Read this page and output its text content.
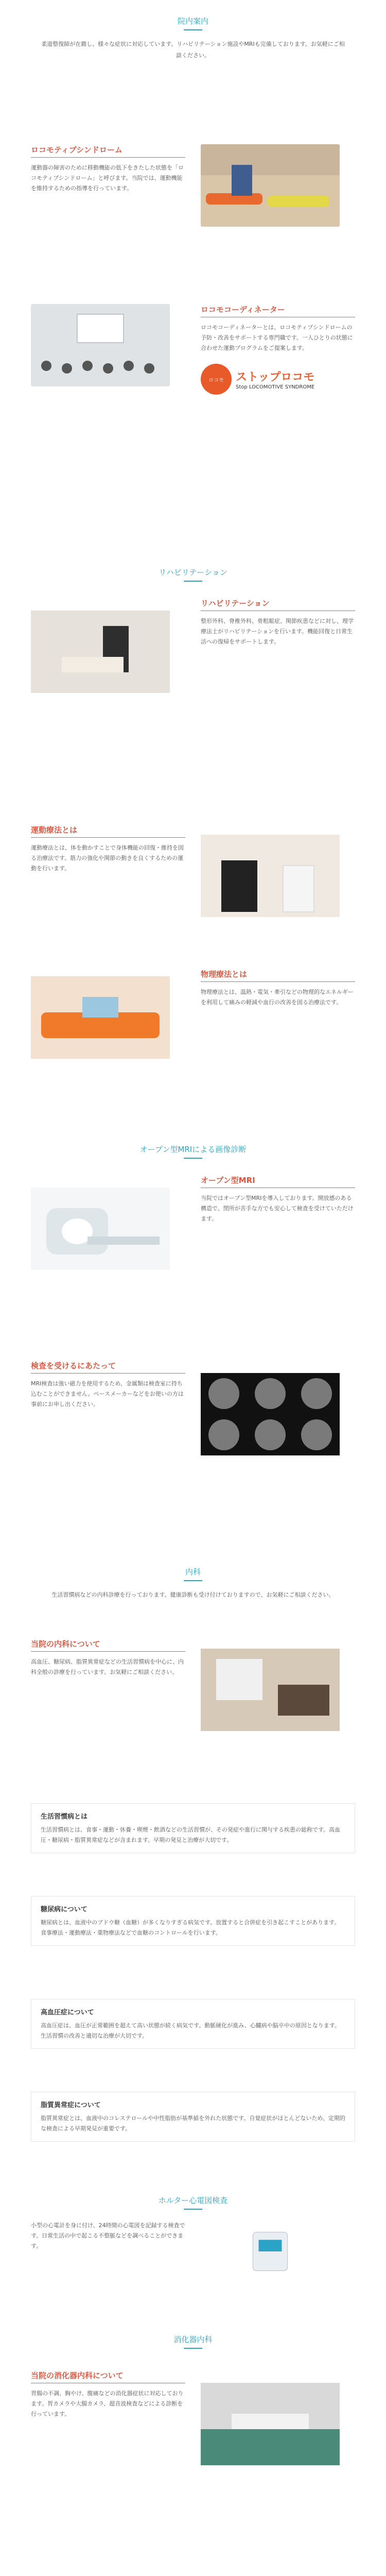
院内案内
柔道整復師が在籍し、様々な症状に対応しています。リハビリテーション施設やMRIも完備しております。お気軽にご相談ください。
ロコモティブシンドローム
運動器の障害のために移動機能の低下をきたした状態を「ロコモティブシンドローム」と呼びます。当院では、運動機能を維持するための指導を行っています。
ロコモコーディネーター
ロコモコーディネーターとは、ロコモティブシンドロームの予防・改善をサポートする専門職です。一人ひとりの状態に合わせた運動プログラムをご提案します。
ロコモ	ストップロコモ
Stop LOCOMOTIVE SYNDROME
リハビリテーション
リハビリテーション
整形外科、脊椎外科、骨粗鬆症、関節疾患などに対し、理学療法士がリハビリテーションを行います。機能回復と日常生活への復帰をサポートします。
運動療法とは
運動療法とは、体を動かすことで身体機能の回復・維持を図る治療法です。筋力の強化や関節の動きを良くするための運動を行います。
物理療法とは
物理療法とは、温熱・電気・牽引などの物理的なエネルギーを利用して痛みの軽減や血行の改善を図る治療法です。
オープン型MRIによる画像診断
オープン型MRI
当院ではオープン型MRIを導入しております。開放感のある構造で、閉所が苦手な方でも安心して検査を受けていただけます。
検査を受けるにあたって
MRI検査は強い磁力を使用するため、金属類は検査室に持ち込むことができません。ペースメーカーなどをお使いの方は事前にお申し出ください。
内科
生活習慣病などの内科診療を行っております。健康診断も受け付けておりますので、お気軽にご相談ください。
当院の内科について
高血圧、糖尿病、脂質異常症などの生活習慣病を中心に、内科全般の診療を行っています。お気軽にご相談ください。
生活習慣病とは
生活習慣病とは、食事・運動・休養・喫煙・飲酒などの生活習慣が、その発症や進行に関与する疾患の総称です。高血圧・糖尿病・脂質異常症などが含まれます。早期の発見と治療が大切です。
糖尿病について
糖尿病とは、血液中のブドウ糖（血糖）が多くなりすぎる病気です。放置すると合併症を引き起こすことがあります。食事療法・運動療法・薬物療法などで血糖のコントロールを行います。
高血圧症について
高血圧症は、血圧が正常範囲を超えて高い状態が続く病気です。動脈硬化が進み、心臓病や脳卒中の原因となります。生活習慣の改善と適切な治療が大切です。
脂質異常症について
脂質異常症とは、血液中のコレステロールや中性脂肪が基準値を外れた状態です。自覚症状がほとんどないため、定期的な検査による早期発見が重要です。
ホルター心電図検査
小型の心電計を身に付け、24時間の心電図を記録する検査です。日常生活の中で起こる不整脈などを調べることができます。
消化器内科
当院の消化器内科について
胃腸の不調、胸やけ、腹痛などの消化器症状に対応しております。胃カメラや大腸カメラ、超音波検査などによる診断を行っています。
